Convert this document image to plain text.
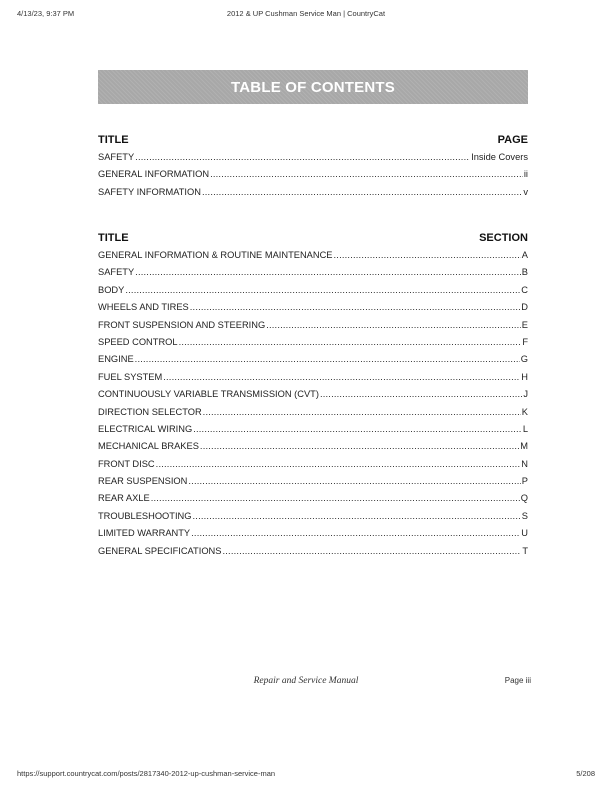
4/13/23, 9:37 PM	2012 & UP Cushman Service Man | CountryCat
TABLE OF CONTENTS
TITLE	PAGE
SAFETY .....	Inside Covers
GENERAL INFORMATION .....	ii
SAFETY INFORMATION .....	v
TITLE	SECTION
GENERAL INFORMATION & ROUTINE MAINTENANCE .....	A
SAFETY .....	B
BODY .....	C
WHEELS AND TIRES .....	D
FRONT SUSPENSION AND STEERING .....	E
SPEED CONTROL .....	F
ENGINE .....	G
FUEL SYSTEM .....	H
CONTINUOUSLY VARIABLE TRANSMISSION (CVT) .....	J
DIRECTION SELECTOR .....	K
ELECTRICAL WIRING .....	L
MECHANICAL BRAKES .....	M
FRONT DISC .....	N
REAR SUSPENSION .....	P
REAR AXLE .....	Q
TROUBLESHOOTING .....	S
LIMITED WARRANTY .....	U
GENERAL SPECIFICATIONS .....	T
Repair and Service Manual	Page iii
https://support.countrycat.com/posts/2817340-2012-up-cushman-service-man	5/208
